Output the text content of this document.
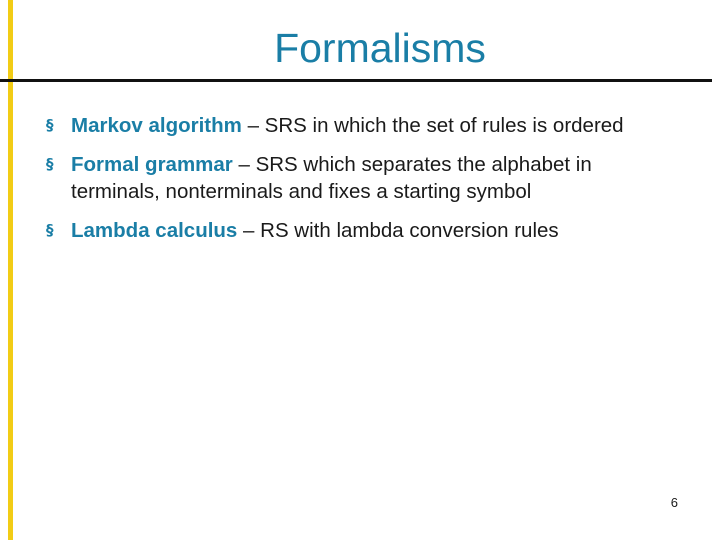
Formalisms
§
Markov algorithm – SRS in which the set of rules is ordered
§
Formal grammar – SRS which separates the alphabet in terminals, nonterminals and fixes a starting symbol
§
Lambda calculus – RS with lambda conversion rules
6
